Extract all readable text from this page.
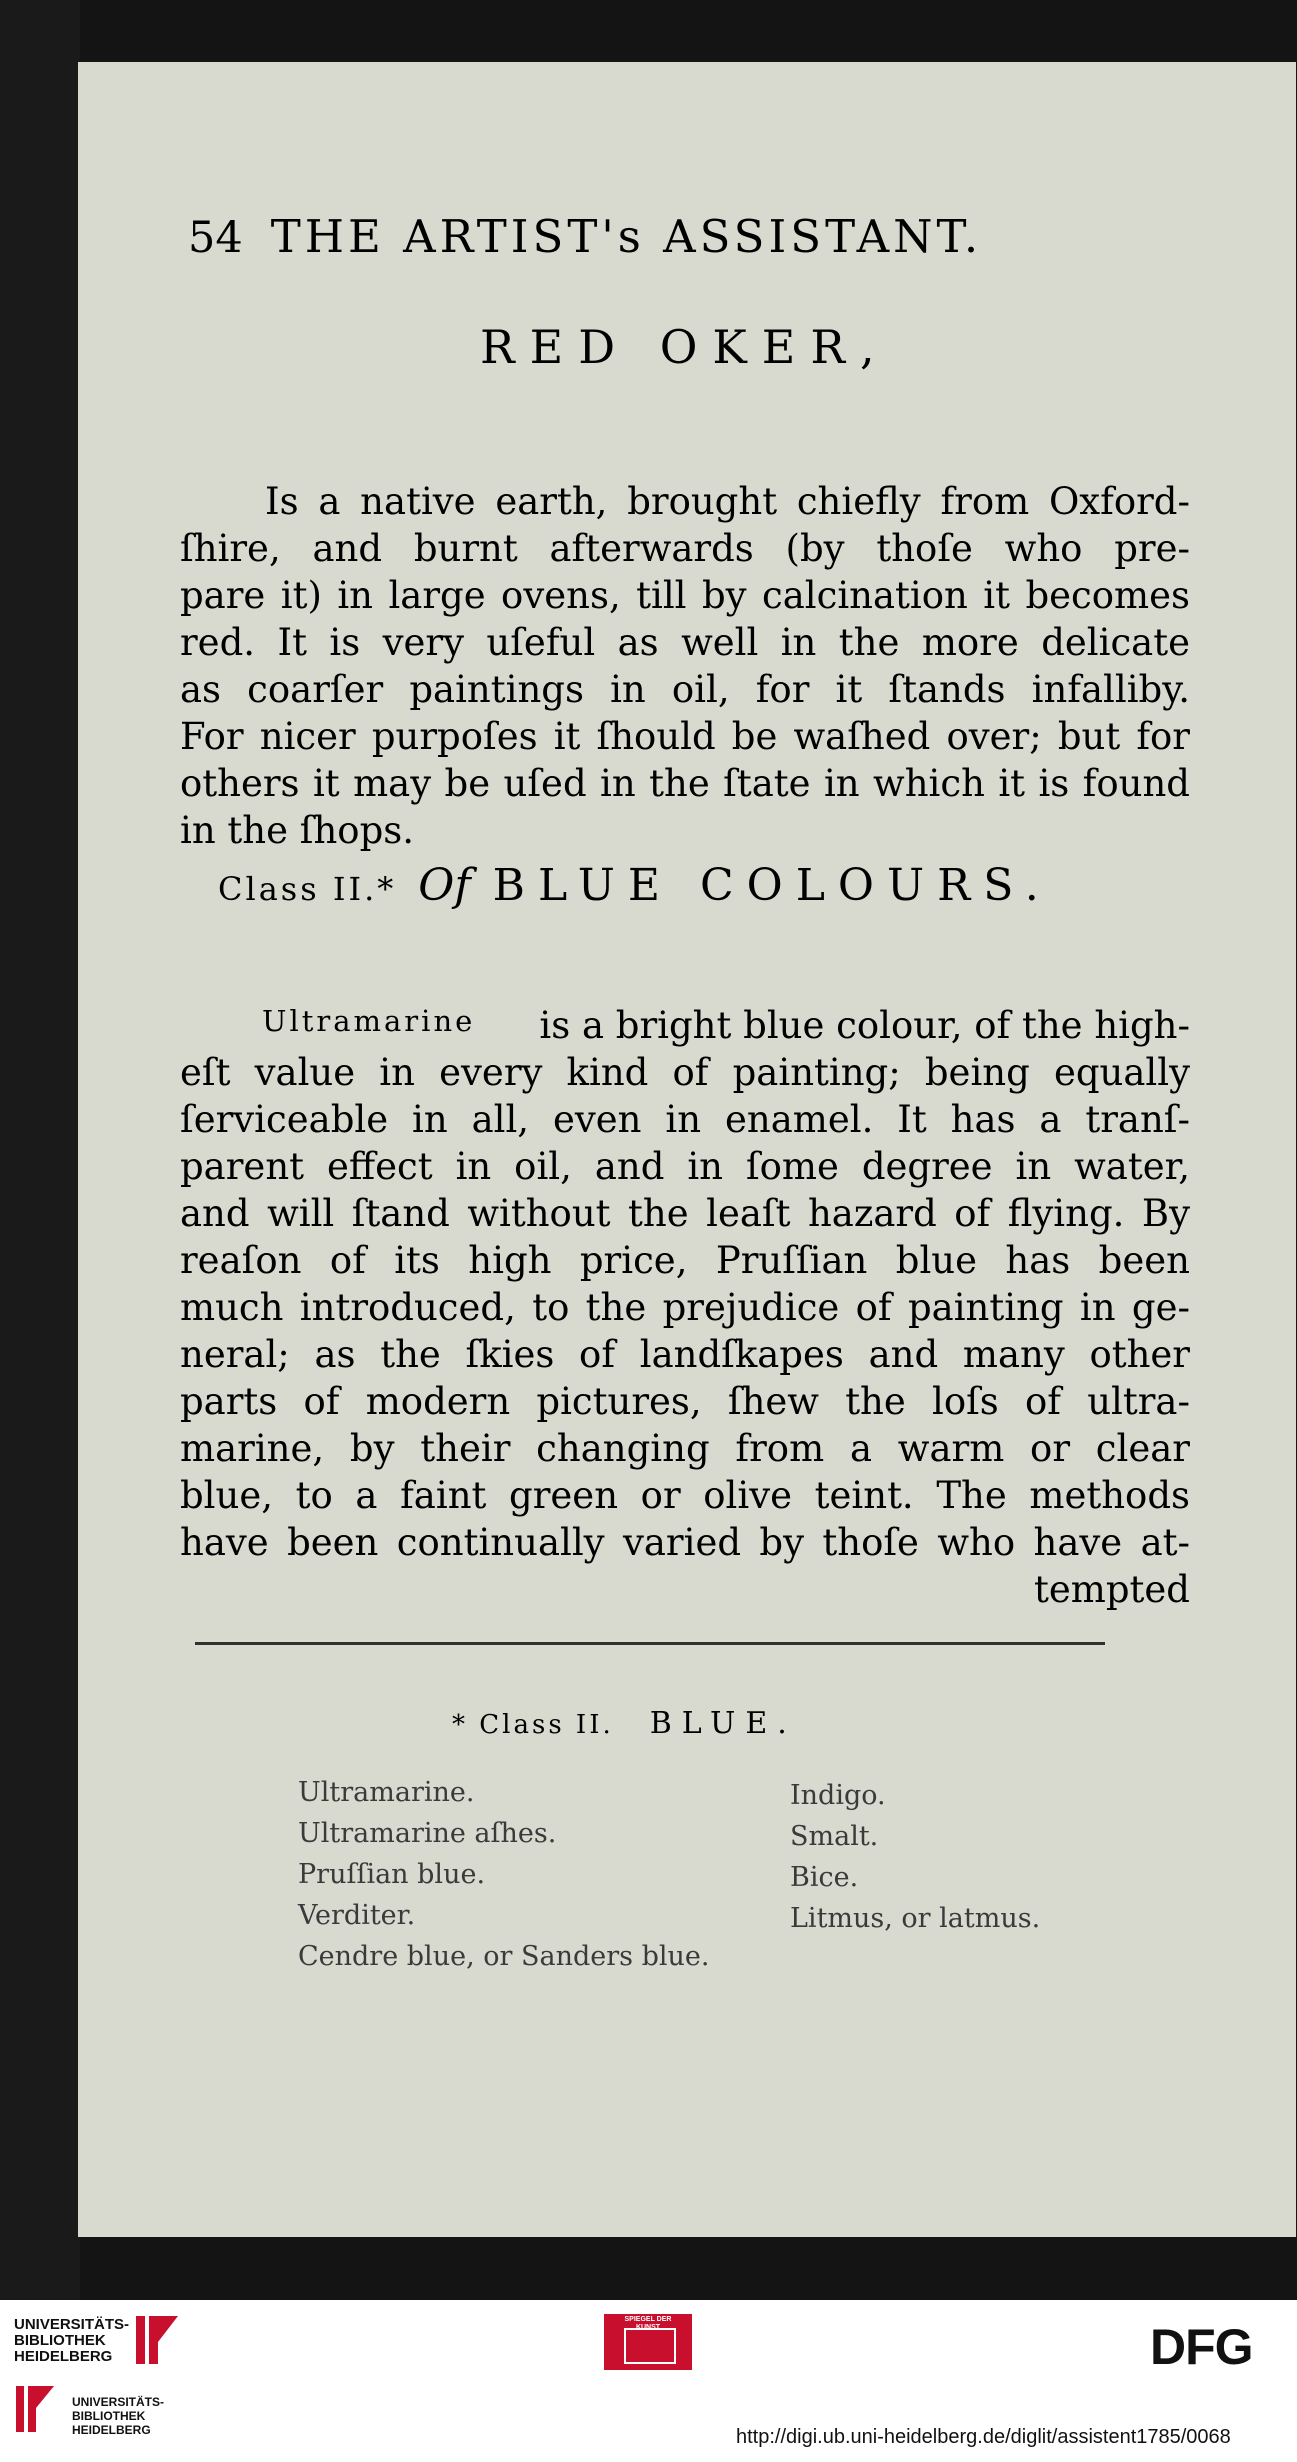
54 THE ARTIST's ASSISTANT.
RED OKER,
Is a native earth, brought chiefly from Oxford-
ſhire, and burnt afterwards (by thoſe who pre-
pare it) in large ovens, till by calcination it becomes
red. It is very uſeful as well in the more delicate
as coarſer paintings in oil, for it ſtands infalliby.
For nicer purpoſes it ſhould be waſhed over; but for
others it may be uſed in the ſtate in which it is found
in the ſhops.
Class II.* Of BLUE COLOURS.
Ultramarine is a bright blue colour, of the high-
eſt value in every kind of painting; being equally
ſerviceable in all, even in enamel. It has a tranſ-
parent effect in oil, and in ſome degree in water,
and will ſtand without the leaſt hazard of flying. By
reaſon of its high price, Pruſſian blue has been
much introduced, to the prejudice of painting in ge-
neral; as the ſkies of landſkapes and many other
parts of modern pictures, ſhew the loſs of ultra-
marine, by their changing from a warm or clear
blue, to a faint green or olive teint. The methods
have been continually varied by thoſe who have at-
tempted
* Class II. BLUE.
Ultramarine.
Ultramarine aſhes.
Pruſſian blue.
Verditer.
Cendre blue, or Sanders blue.
Indigo.
Smalt.
Bice.
Litmus, or latmus.
UNIVERSITÄTS-
BIBLIOTHEK
HEIDELBERG
UNIVERSITÄTS-
BIBLIOTHEK
HEIDELBERG
SPIEGEL DER
KUNST	DFG
http://digi.ub.uni-heidelberg.de/diglit/assistent1785/0068
